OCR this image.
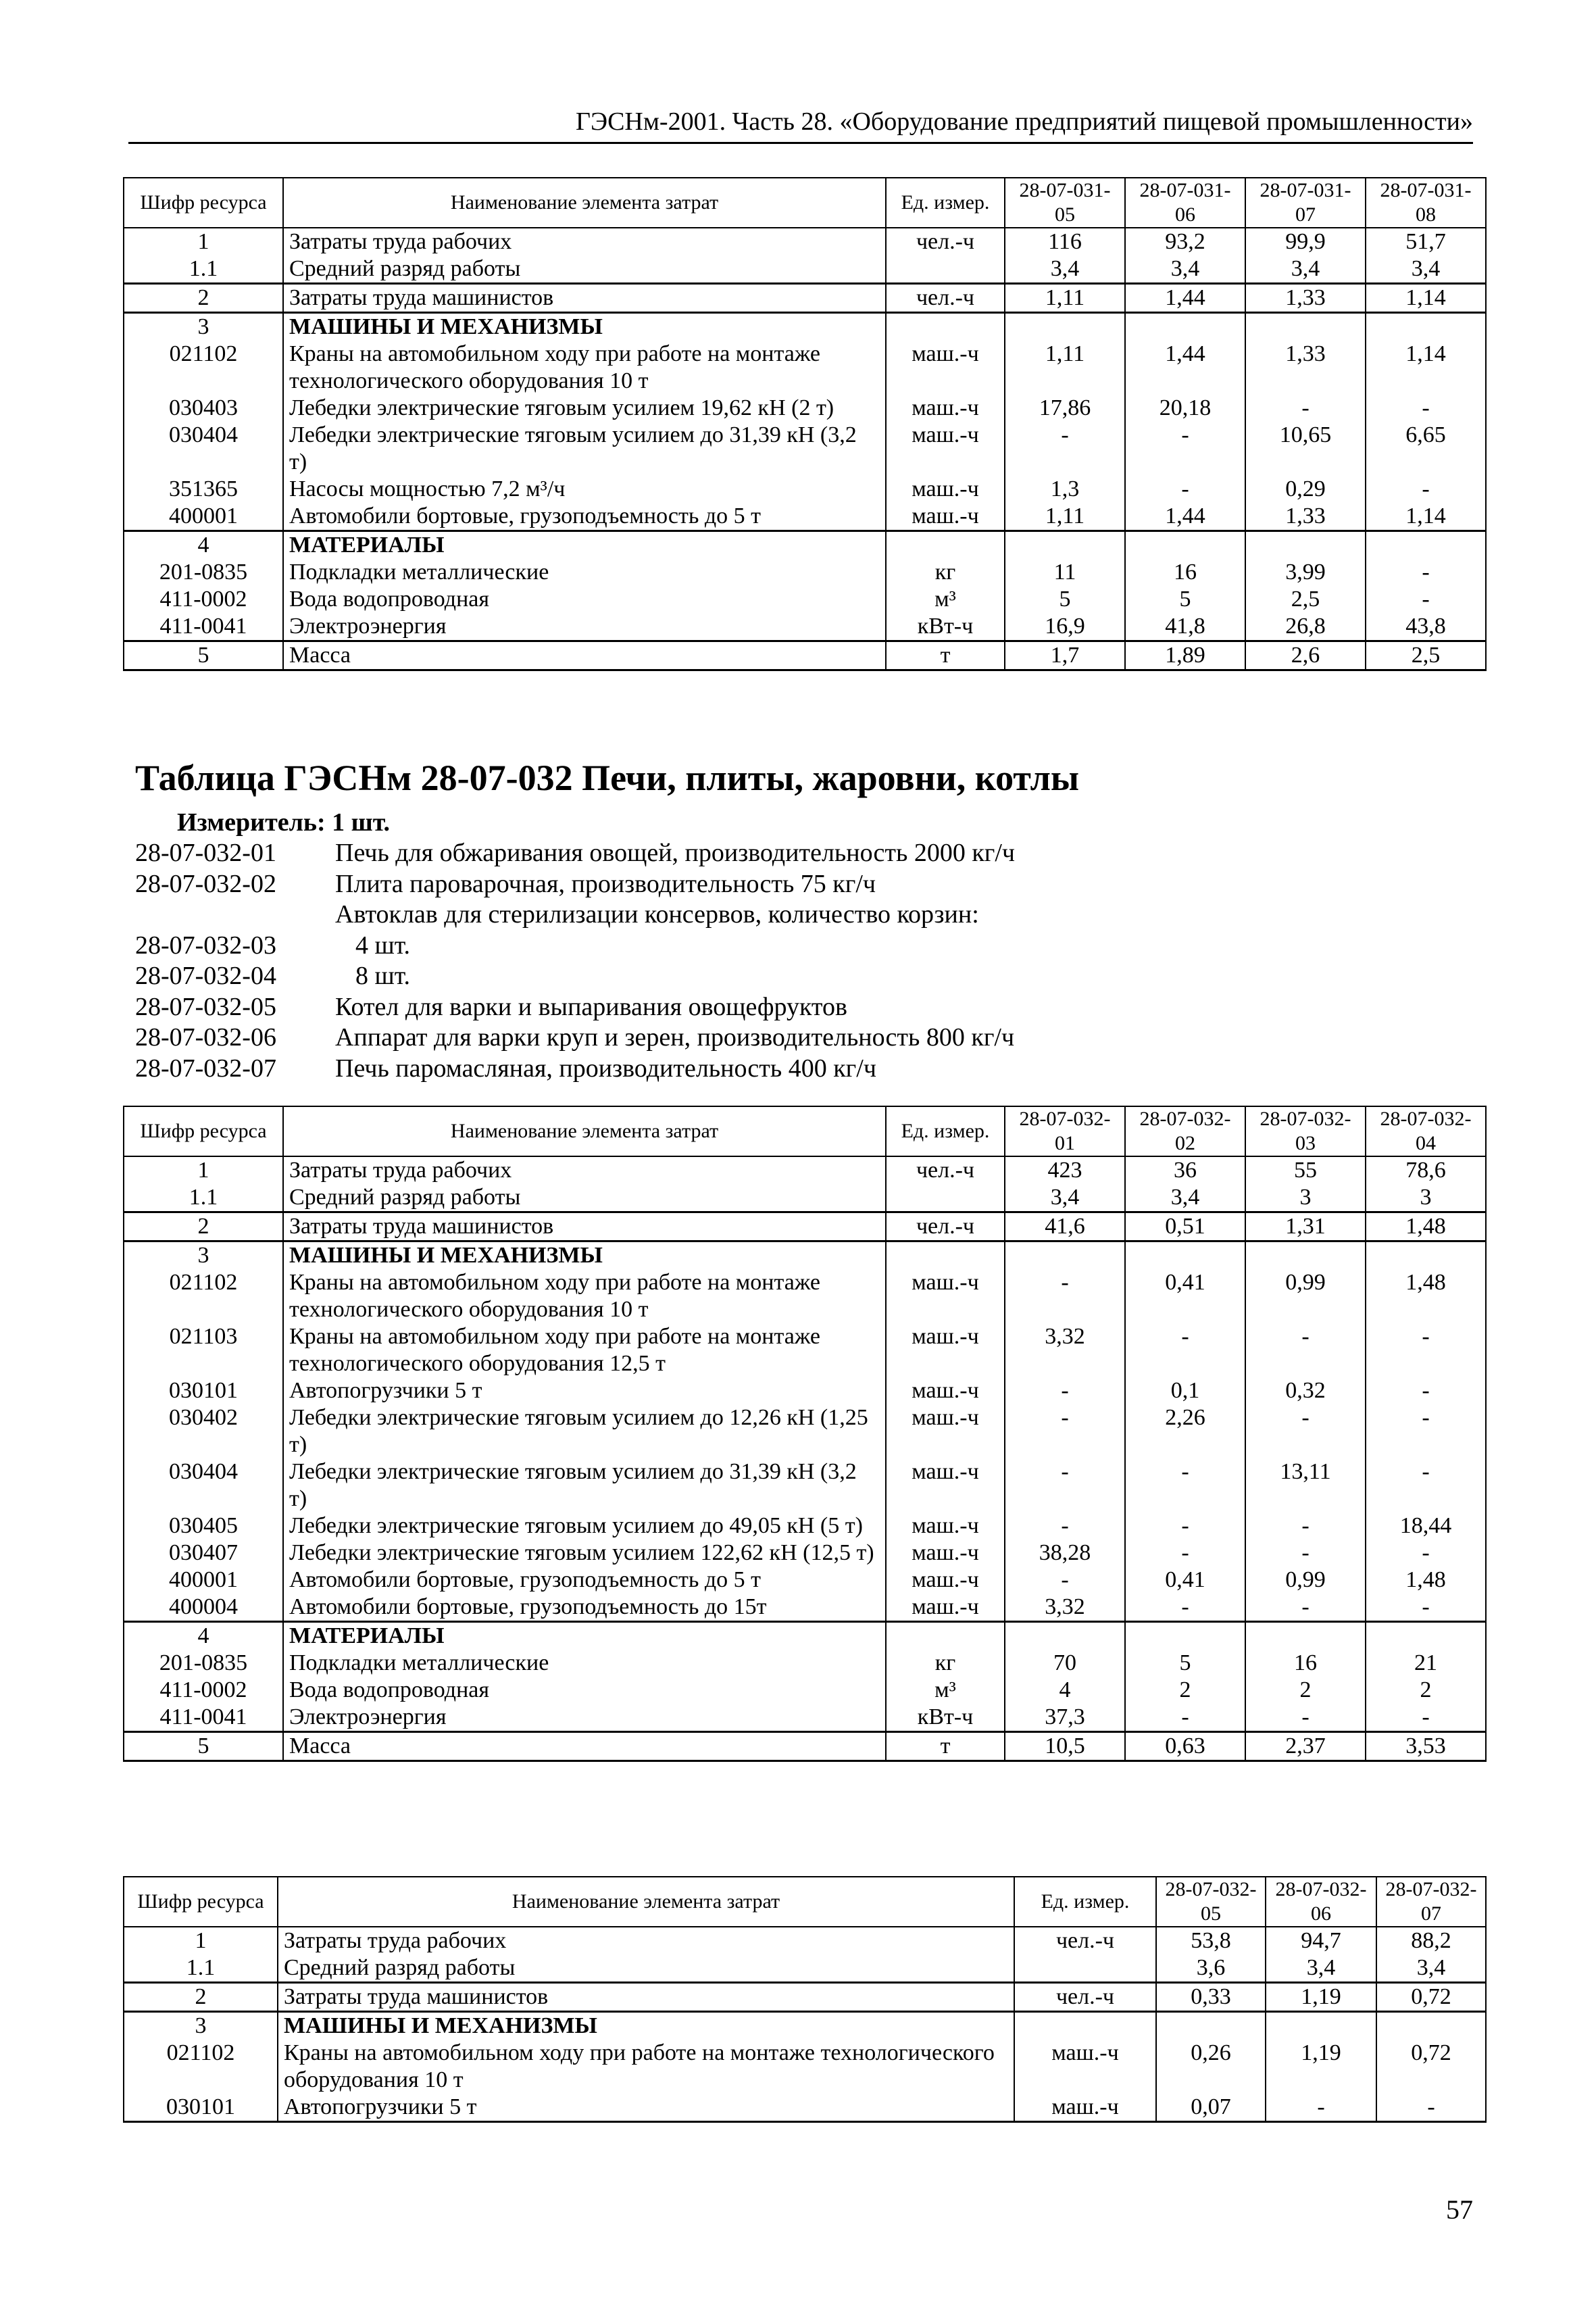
ГЭСНм-2001. Часть 28. «Оборудование предприятий пищевой промышленности»
Шифр ресурса	Наименование элемента затрат	Ед. измер.	28-07-031-05	28-07-031-06	28-07-031-07	28-07-031-08
1	Затраты труда рабочих	чел.-ч	116	93,2	99,9	51,7
1.1	Средний разряд работы		3,4	3,4	3,4	3,4
2	Затраты труда машинистов	чел.-ч	1,11	1,44	1,33	1,14
3	МАШИНЫ И МЕХАНИЗМЫ					
021102	Краны на автомобильном ходу при работе на монтаже технологического оборудования 10 т	маш.-ч	1,11	1,44	1,33	1,14
030403	Лебедки электрические тяговым усилием 19,62 кН (2 т)	маш.-ч	17,86	20,18	-	-
030404	Лебедки электрические тяговым усилием до 31,39 кН (3,2 т)	маш.-ч	-	-	10,65	6,65
351365	Насосы мощностью 7,2 м³/ч	маш.-ч	1,3	-	0,29	-
400001	Автомобили бортовые, грузоподъемность до 5 т	маш.-ч	1,11	1,44	1,33	1,14
4	МАТЕРИАЛЫ					
201-0835	Подкладки металлические	кг	11	16	3,99	-
411-0002	Вода водопроводная	м³	5	5	2,5	-
411-0041	Электроэнергия	кВт-ч	16,9	41,8	26,8	43,8
5	Масса	т	1,7	1,89	2,6	2,5
Таблица ГЭСНм 28-07-032 Печи, плиты, жаровни, котлы
Измеритель: 1 шт.
28-07-032-01	Печь для обжаривания овощей, производительность 2000 кг/ч
28-07-032-02	Плита пароварочная, производительность 75 кг/ч
Автоклав для стерилизации консервов, количество корзин:
28-07-032-03	4 шт.
28-07-032-04	8 шт.
28-07-032-05	Котел для варки и выпаривания овощефруктов
28-07-032-06	Аппарат для варки круп и зерен, производительность 800 кг/ч
28-07-032-07	Печь паромасляная, производительность 400 кг/ч
Шифр ресурса	Наименование элемента затрат	Ед. измер.	28-07-032-01	28-07-032-02	28-07-032-03	28-07-032-04
1	Затраты труда рабочих	чел.-ч	423	36	55	78,6
1.1	Средний разряд работы		3,4	3,4	3	3
2	Затраты труда машинистов	чел.-ч	41,6	0,51	1,31	1,48
3	МАШИНЫ И МЕХАНИЗМЫ					
021102	Краны на автомобильном ходу при работе на монтаже технологического оборудования 10 т	маш.-ч	-	0,41	0,99	1,48
021103	Краны на автомобильном ходу при работе на монтаже технологического оборудования 12,5 т	маш.-ч	3,32	-	-	-
030101	Автопогрузчики 5 т	маш.-ч	-	0,1	0,32	-
030402	Лебедки электрические тяговым усилием до 12,26 кН (1,25 т)	маш.-ч	-	2,26	-	-
030404	Лебедки электрические тяговым усилием до 31,39 кН (3,2 т)	маш.-ч	-	-	13,11	-
030405	Лебедки электрические тяговым усилием до 49,05 кН (5 т)	маш.-ч	-	-	-	18,44
030407	Лебедки электрические тяговым усилием 122,62 кН (12,5 т)	маш.-ч	38,28	-	-	-
400001	Автомобили бортовые, грузоподъемность до 5 т	маш.-ч	-	0,41	0,99	1,48
400004	Автомобили бортовые, грузоподъемность до 15т	маш.-ч	3,32	-	-	-
4	МАТЕРИАЛЫ					
201-0835	Подкладки металлические	кг	70	5	16	21
411-0002	Вода водопроводная	м³	4	2	2	2
411-0041	Электроэнергия	кВт-ч	37,3	-	-	-
5	Масса	т	10,5	0,63	2,37	3,53
Шифр ресурса	Наименование элемента затрат	Ед. измер.	28-07-032-05	28-07-032-06	28-07-032-07
1	Затраты труда рабочих	чел.-ч	53,8	94,7	88,2
1.1	Средний разряд работы		3,6	3,4	3,4
2	Затраты труда машинистов	чел.-ч	0,33	1,19	0,72
3	МАШИНЫ И МЕХАНИЗМЫ				
021102	Краны на автомобильном ходу при работе на монтаже технологического оборудования 10 т	маш.-ч	0,26	1,19	0,72
030101	Автопогрузчики 5 т	маш.-ч	0,07	-	-
57
